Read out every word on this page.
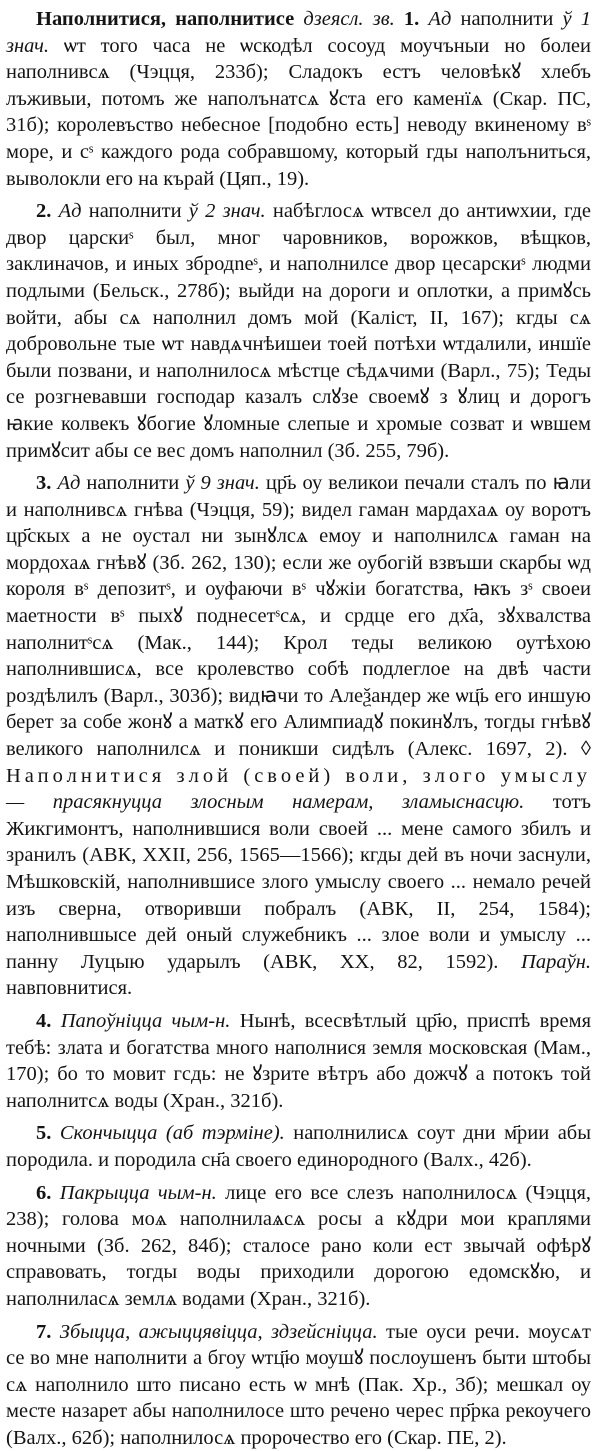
Наполнитися, наполнитисе дзеясл. зв. 1. Ад наполнити ў 1 знач. ѡт того часа не ѡскодѣл сосоуд моучъныи но болеи наполнивсѧ (Чэцця, 233б); Сладокъ естъ человѣкꙋ хлебъ лъживыи, потомъ же наполънатсѧ ꙋста его каменїѧ (Скар. ПС, 31б); королевъство небесное [подобно есть] неводу вкиненому вˢ море, и сˢ каждого рода собравшому, который гды наполъниться, выволокли его на кърай (Цяп., 19).

2. Ад наполнити ў 2 знач. набѣглосѧ ѡтвсел до антиѡхии, где двор царскиˢ был, мног чаровников, ворожков, вѣщков, заклиначов, и иных збродneˢ, и наполнилсе двор цесарскиˢ людми подлыми (Бельск., 278б); выйди на дороги и оплотки, а примꙋсь войти, абы сѧ наполнил домъ мой (Каліст, II, 167); кгды сѧ добровольне тые ѡт навдѧчнѣишеи тоей потѣхи ѡтдалили, иншїе были позвани, и наполнилосѧ мѣстце сѣдѧчими (Варл., 75); Теды се розгневавши господар казалъ слꙋзе своемꙋ з ꙋлиц и дорогъ ꙗкие колвекъ ꙋбогие ꙋломные слепые и хромые созват и ѡвшем примꙋсит абы се вес домъ наполнил (Зб. 255, 79б).

3. Ад наполнити ў 9 знач. цр҃ь оу великои печали сталъ по ꙗли и наполнивсѧ гнѣва (Чэцця, 59); видел гаман мардахаѧ оу воротъ цр҃скых а не оустал ни зынꙋлсѧ емоу и наполнилсѧ гаман на мордохаѧ гнѣвꙋ (Зб. 262, 130); если же оубогій взвъши скарбы ѡд короля вˢ депозитˢ, и оуфаючи вˢ чꙋжіи богатства, ꙗкъ зˢ своеи маетности вˢ пыхꙋ поднесетˢсѧ, и срдце его дх҃а, зꙋхвалства наполнитˢсѧ (Мак., 144); Крол теды великою оутѣхою наполнившисѧ, все кролевство собѣ подлеглое на двѣ части роздѣлилъ (Варл., 303б); видꙗчи то Алеѯандер же ѡц҃ь его иншую берет за собе жонꙋ а маткꙋ его Алимпиадꙋ покинꙋлъ, тогды гнѣвꙋ великого наполнилсѧ и поникши сидѣлъ (Алекс. 1697, 2). ◊ Наполнитися злой (своей) воли, злого умыслу — прасякнуцца злосным намерам, зламыснасцю. тотъ Жикгимонтъ, наполнившися воли своей ... мене самого збилъ и зранилъ (АВК, XXII, 256, 1565—1566); кгды дей въ ночи заснули, Мѣшковскій, наполнившисе злого умыслу своего ... немало речей изъ сверна, отворивши побралъ (АВК, II, 254, 1584); наполнившысе дей оный служебникъ ... злое воли и умыслу ... панну Луцыю ударылъ (АВК, XX, 82, 1592). Параўн. навповнитися.

4. Папоўніцца чым-н. Нынѣ, всесвѣтлый цр҃ю, приспѣ время тебѣ: злата и богатства много наполнися земля московская (Мам., 170); бо то мовит гсдь: не ꙋзрите вѣтръ або дожчꙋ а потокъ той наполнитсѧ воды (Хран., 321б).

5. Скончыцца (аб тэрміне). наполнилисѧ соут дни м҃рии абы породила. и породила сн҃а своего единородного (Валх., 42б).

6. Пакрыцца чым-н. лице его все слезъ наполнилосѧ (Чэцця, 238); голова моѧ наполнилаѧсѧ росы а кꙋдри мои краплями ночными (Зб. 262, 84б); сталосе рано коли ест звычай офѣрꙋ справовать, тогды воды приходили дорогою едомскꙋю, и наполниласѧ землѧ водами (Хран., 321б).

7. Збыцца, ажыццявіцца, здзейсніцца. тые оуси речи. моусѧт се во мне наполнити а бгоу ѡтц҃ю моушꙋ послоушенъ быти штобы сѧ наполнило што писано есть ѡ мнѣ (Пак. Хр., 3б); мешкал оу месте назарет абы наполнилосе што речено черес пр҃рка рекоучего (Валх., 62б); наполнилосѧ пророчество его (Скар. ПЕ, 2).
